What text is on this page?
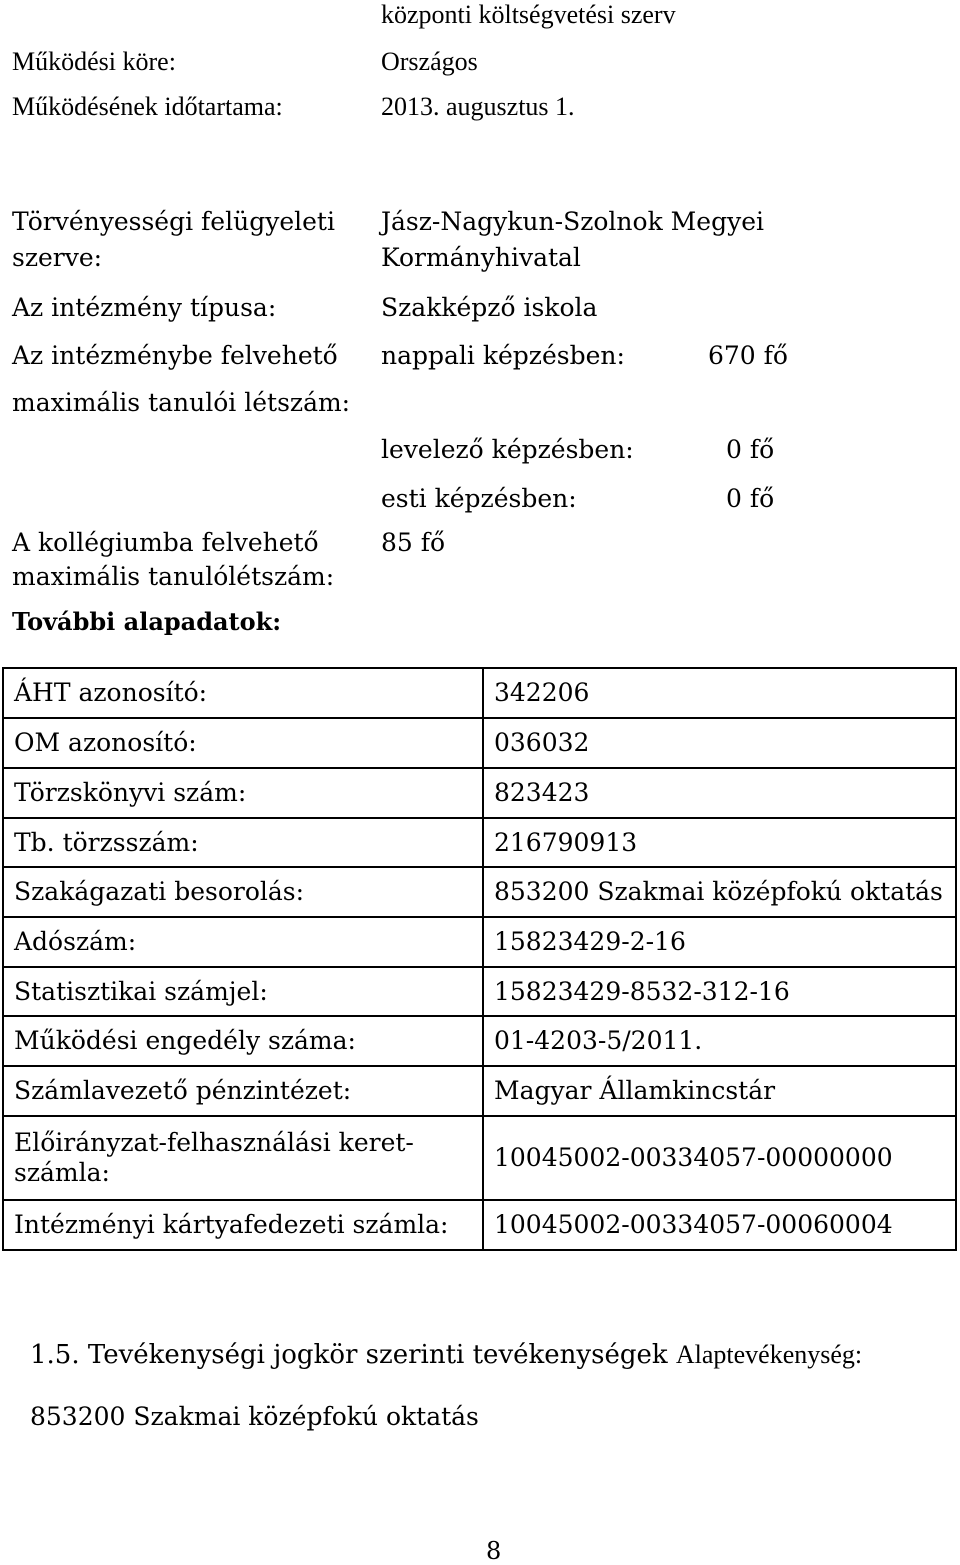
központi költségvetési szerv
Működési köre:	Országos
Működésének időtartama:	2013. augusztus 1.
Törvényességi felügyeleti
szerve:
Jász-Nagykun-Szolnok Megyei
Kormányhivatal
Az intézmény típusa:	Szakképző iskola
Az intézménybe felvehető
maximális tanulói létszám:
nappali képzésben:	670 fő
levelező képzésben:	0 fő
esti képzésben:	0 fő
A kollégiumba felvehető
maximális tanulólétszám:
85 fő
További alapadatok:
ÁHT azonosító:	342206
OM azonosító:	036032
Törzskönyvi szám:	823423
Tb. törzsszám:	216790913
Szakágazati besorolás:	853200 Szakmai középfokú oktatás
Adószám:	15823429-2-16
Statisztikai számjel:	15823429-8532-312-16
Működési engedély száma:	01-4203-5/2011.
Számlavezető pénzintézet:	Magyar Államkincstár
Előirányzat-felhasználási keret-
számla:	10045002-00334057-00000000
Intézményi kártyafedezeti számla:	10045002-00334057-00060004
1.5. Tevékenységi jogkör szerinti tevékenységek Alaptevékenység:
853200 Szakmai középfokú oktatás
8
